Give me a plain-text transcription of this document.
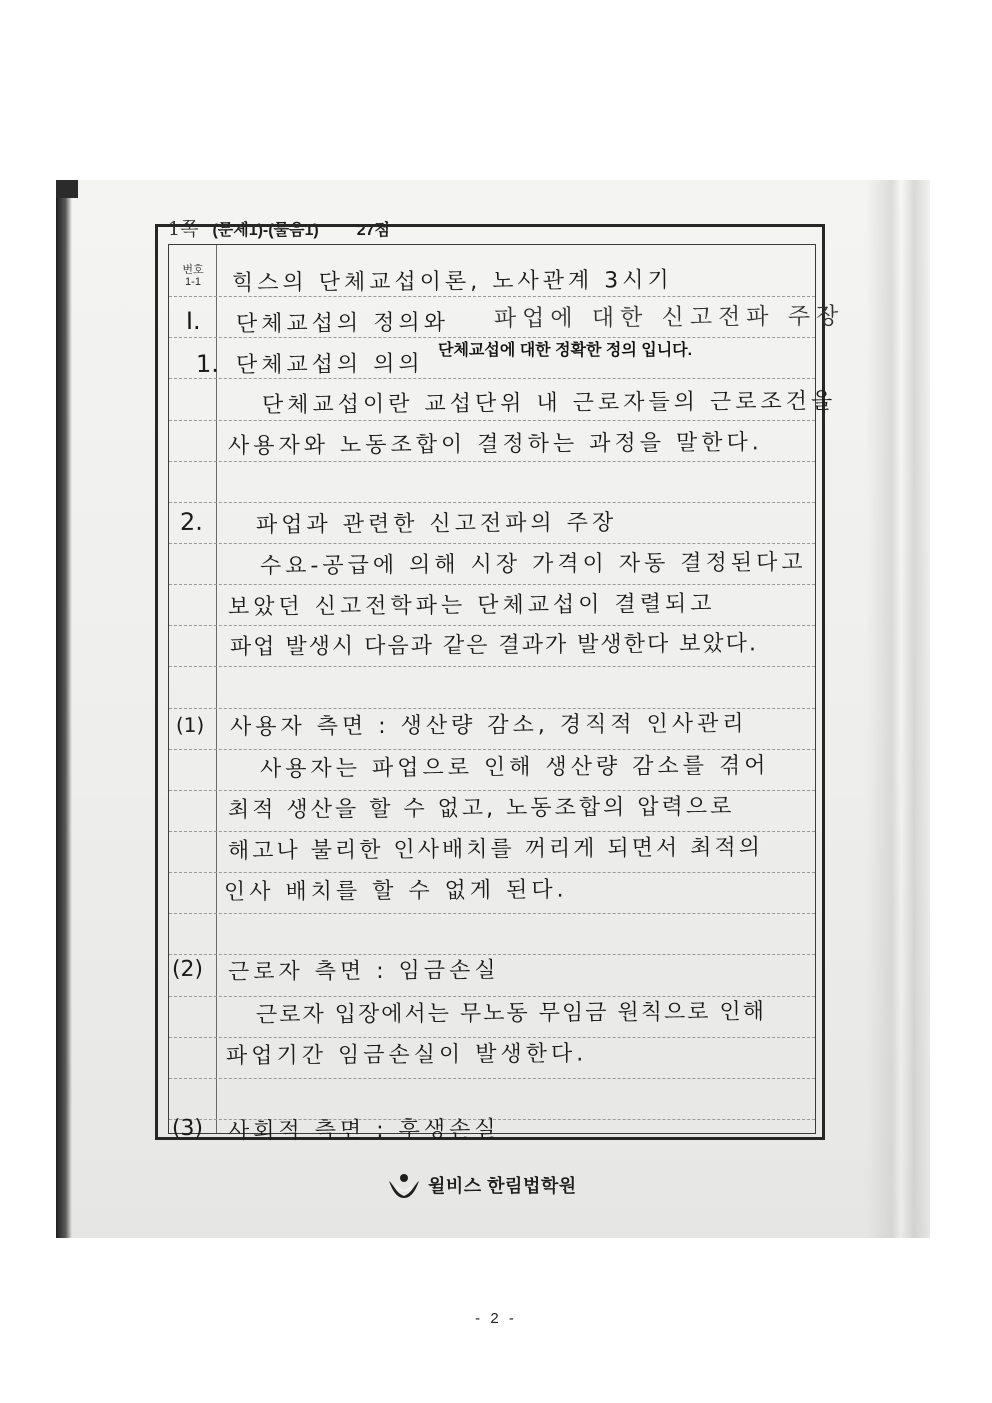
1쪽 (문제1)-(물음1) 27점
번호
1-1	힉스의 단체교섭이론, 노사관계 3시기
I. 단체교섭의 정의와 파업에 대한 신고전파 주장
1. 단체교섭의 의의
단체교섭에 대한 정확한 정의 입니다.
단체교섭이란 교섭단위 내 근로자들의 근로조건을
사용자와 노동조합이 결정하는 과정을 말한다.
2. 파업과 관련한 신고전파의 주장
수요-공급에 의해 시장 가격이 자동 결정된다고
보았던 신고전학파는 단체교섭이 결렬되고
파업 발생시 다음과 같은 결과가 발생한다 보았다.
(1) 사용자 측면 : 생산량 감소, 경직적 인사관리
사용자는 파업으로 인해 생산량 감소를 겪어
최적 생산을 할 수 없고, 노동조합의 압력으로
해고나 불리한 인사배치를 꺼리게 되면서 최적의
인사 배치를 할 수 없게 된다.
(2) 근로자 측면 : 임금손실
근로자 입장에서는 무노동 무임금 원칙으로 인해
파업기간 임금손실이 발생한다.
(3) 사회적 측면 : 후생손실
윌비스 한림법학원
- 2 -
